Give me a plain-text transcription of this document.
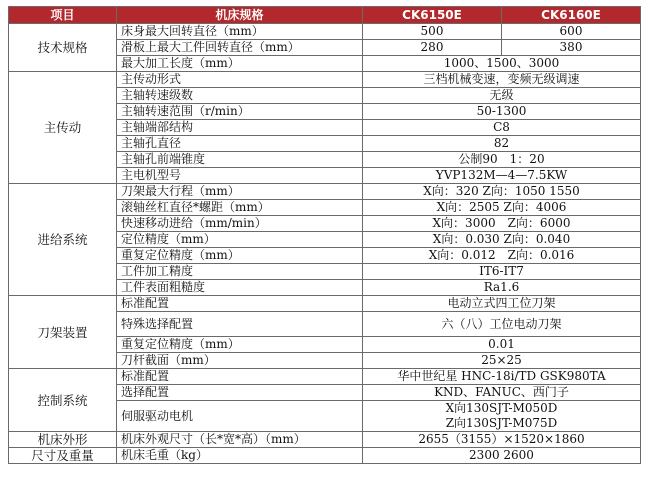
项目	机床规格	CK6150E	CK6160E
技术规格	床身最大回转直径（mm）	500	600
	滑板上最大工件回转直径（mm）	280	380
	最大加工长度（mm）	1000、1500、3000	
主传动	主传动形式	三档机械变速，变频无级调速	
	主轴转速级数	无级	
	主轴转速范围（r/min）	50-1300	
	主轴端部结构	C8	
	主轴孔直径	82	
	主轴孔前端锥度	公制90　1：20	
	主电机型号	YVP132M—4—7.5KW	
进给系统	刀架最大行程（mm）	X向：320 Z向：1050 1550	
	滚轴丝杠直径*螺距（mm）	X向：2505 Z向：4006	
	快速移动进给（mm/min）	X向：3000　Z向：6000	
	定位精度（mm）	X向：0.030 Z向：0.040	
	重复定位精度（mm）	X向：0.012　Z向：0.016	
	工件加工精度	IT6-IT7	
	工件表面粗糙度	Ra1.6	
刀架装置	标准配置	电动立式四工位刀架	
	特殊选择配置	六（八）工位电动刀架	
	重复定位精度（mm）	0.01	
	刀杆截面（mm）	25×25	
控制系统	标准配置	华中世纪星 HNC-18i/TD GSK980TA	
	选择配置	KND、FANUC、西门子	
	伺服驱动电机	X向130SJT-M050D
Z向130SJT-M075D	

机床外形	机床外观尺寸（长*宽*高）（mm）	2655（3155）×1520×1860	
尺寸及重量	机床毛重（kg）	2300 2600	
